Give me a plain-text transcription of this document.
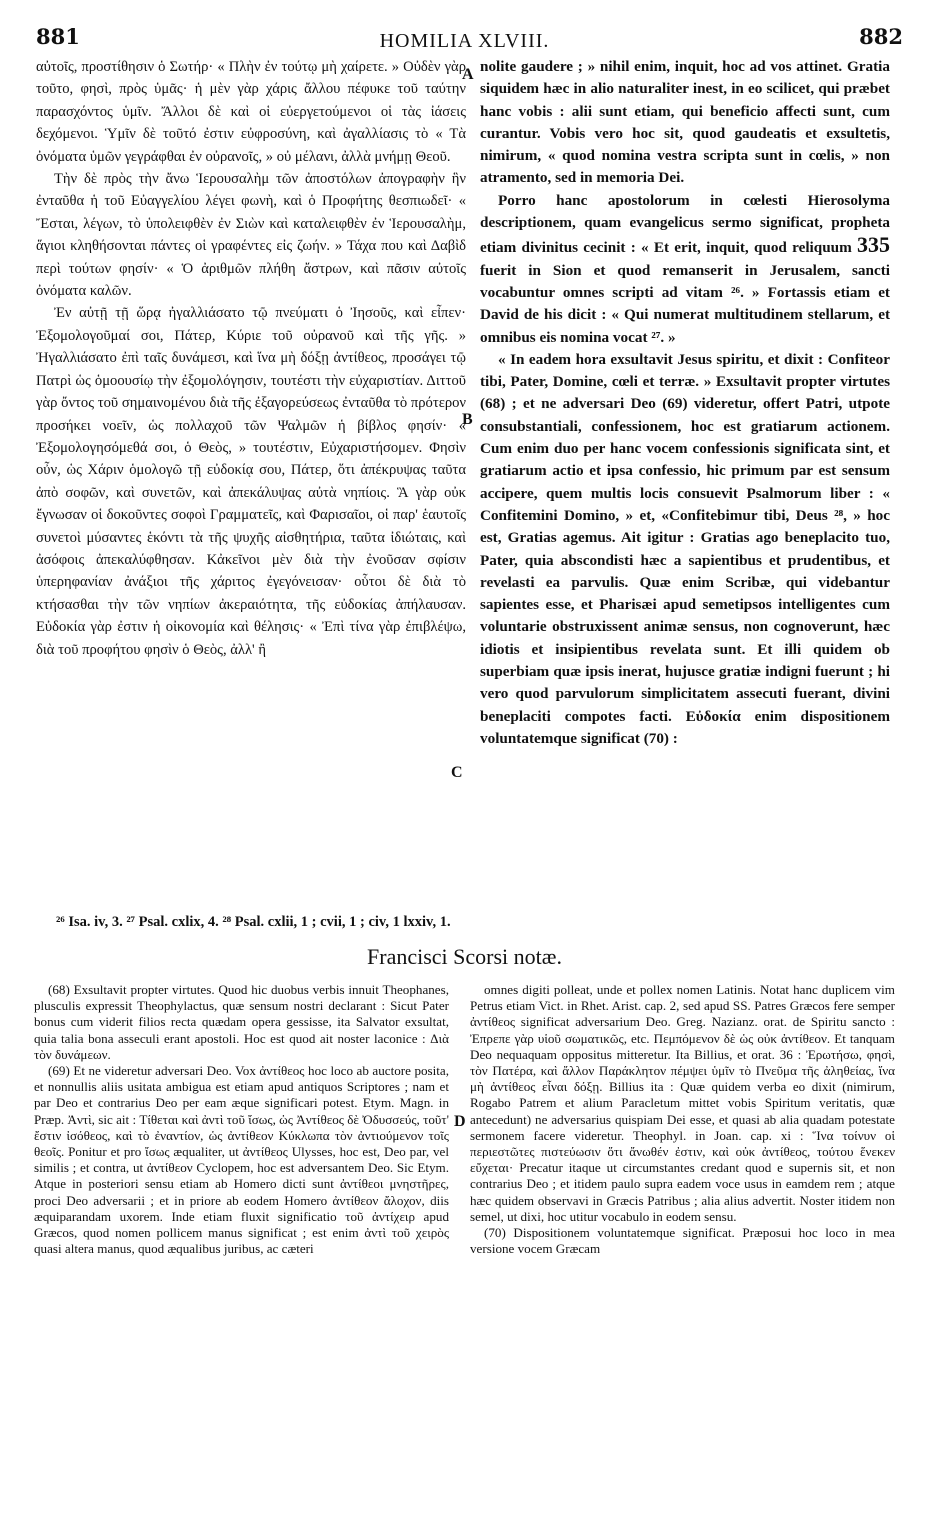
881	HOMILIA XLVIII.	882

αὐτοῖς, προστίθησιν ὁ Σωτήρ· « Πλὴν ἐν τούτῳ μὴ χαίρετε. » Οὐδὲν γὰρ τοῦτο, φησὶ, πρὸς ὑμᾶς· ἡ μὲν γὰρ χάρις ἄλλου πέφυκε τοῦ ταύτην παρασχόντος ὑμῖν. Ἄλλοι δὲ καὶ οἱ εὐεργετούμενοι οἱ τὰς ἰάσεις δεχόμενοι. Ὑμῖν δὲ τοῦτό ἐστιν εὐφροσύνη, καὶ ἀγαλλίασις τὸ « Τὰ ὀνόματα ὑμῶν γεγράφθαι ἐν οὐρανοῖς, » οὐ μέλανι, ἀλλὰ μνήμῃ Θεοῦ.

Τὴν δὲ πρὸς τὴν ἄνω Ἱερουσαλὴμ τῶν ἀποστόλων ἀπογραφὴν ἣν ἐνταῦθα ἡ τοῦ Εὐαγγελίου λέγει φωνὴ, καὶ ὁ Προφήτης θεσπιωδεῖ· « Ἔσται, λέγων, τὸ ὑπολειφθὲν ἐν Σιὼν καὶ καταλειφθὲν ἐν Ἱερουσαλὴμ, ἅγιοι κληθήσονται πάντες οἱ γραφέντες εἰς ζωήν. » Τάχα που καὶ Δαβὶδ περὶ τούτων φησίν· « Ὁ ἀριθμῶν πλήθη ἄστρων, καὶ πᾶσιν αὐτοῖς ὀνόματα καλῶν.

Ἐν αὐτῇ τῇ ὥρᾳ ἠγαλλιάσατο τῷ πνεύματι ὁ Ἰησοῦς, καὶ εἶπεν· Ἐξομολογοῦμαί σοι, Πάτερ, Κύριε τοῦ οὐρανοῦ καὶ τῆς γῆς. » Ἠγαλλιάσατο ἐπὶ ταῖς δυνάμεσι, καὶ ἵνα μὴ δόξῃ ἀντίθεος, προσάγει τῷ Πατρὶ ὡς ὁμοουσίῳ τὴν ἐξομολόγησιν, τουτέστι τὴν εὐχαριστίαν. Διττοῦ γὰρ ὄντος τοῦ σημαινομένου διὰ τῆς ἐξαγορεύσεως ἐνταῦθα τὸ πρότερον προσήκει νοεῖν, ὡς πολλαχοῦ τῶν Ψαλμῶν ἡ βίβλος φησίν· « Ἐξομολογησόμεθά σοι, ὁ Θεὸς, » τουτέστιν, Εὐχαριστήσομεν. Φησὶν οὖν, ὡς Χάριν ὁμολογῶ τῇ εὐδοκίᾳ σου, Πάτερ, ὅτι ἀπέκρυψας ταῦτα ἀπὸ σοφῶν, καὶ συνετῶν, καὶ ἀπεκάλυψας αὐτὰ νηπίοις. Ἃ γὰρ οὐκ ἔγνωσαν οἱ δοκοῦντες σοφοὶ Γραμματεῖς, καὶ Φαρισαῖοι, οἱ παρ' ἑαυτοῖς συνετοὶ μύσαντες ἑκόντι τὰ τῆς ψυχῆς αἰσθητήρια, ταῦτα ἰδιώταις, καὶ ἀσόφοις ἀπεκαλύφθησαν. Κἀκεῖνοι μὲν διὰ τὴν ἐνοῦσαν σφίσιν ὑπερηφανίαν ἀνάξιοι τῆς χάριτος ἐγεγόνεισαν· οὗτοι δὲ διὰ τὸ κτήσασθαι τὴν τῶν νηπίων ἀκεραιότητα, τῆς εὐδοκίας ἀπήλαυσαν. Εὐδοκία γὰρ ἐστιν ἡ οἰκονομία καὶ θέλησις· « Ἐπὶ τίνα γὰρ ἐπιβλέψω, διὰ τοῦ προφήτου φησὶν ὁ Θεὸς, ἀλλ' ἢ

A
B
C

nolite gaudere ; » nihil enim, inquit, hoc ad vos attinet. Gratia siquidem hæc in alio naturaliter inest, in eo scilicet, qui præbet hanc vobis : alii sunt etiam, qui beneficio affecti sunt, cum curantur. Vobis vero hoc sit, quod gaudeatis et exsultetis, nimirum, « quod nomina vestra scripta sunt in cœlis, » non atramento, sed in memoria Dei.

Porro hanc apostolorum in cœlesti Hierosolyma descriptionem, quam evangelicus sermo significat, propheta etiam divinitus cecinit : « Et erit, inquit, quod reliquum 335 fuerit in Sion et quod remanserit in Jerusalem, sancti vocabuntur omnes scripti ad vitam ²⁶. » Fortassis etiam et David de his dicit : « Qui numerat multitudinem stellarum, et omnibus eis nomina vocat ²⁷. »

« In eadem hora exsultavit Jesus spiritu, et dixit : Confiteor tibi, Pater, Domine, cœli et terræ. » Exsultavit propter virtutes (68) ; et ne adversari Deo (69) videretur, offert Patri, utpote consubstantiali, confessionem, hoc est gratiarum actionem. Cum enim duo per hanc vocem confessionis significata sint, et gratiarum actio et ipsa confessio, hic primum par est sensum accipere, quem multis locis consuevit Psalmorum liber : « Confitemini Domino, » et, «Confitebimur tibi, Deus ²⁸, » hoc est, Gratias agemus. Ait igitur : Gratias ago beneplacito tuo, Pater, quia abscondisti hæc a sapientibus et prudentibus, et revelasti ea parvulis. Quæ enim Scribæ, qui videbantur sapientes esse, et Pharisæi apud semetipsos intelligentes cum voluntarie obstruxissent animæ sensus, non cognoverunt, hæc idiotis et insipientibus revelata sunt. Et illi quidem ob superbiam quæ ipsis inerat, hujusce gratiæ indigni fuerunt ; hi vero quod parvulorum simplicitatem assecuti fuerant, divini beneplaciti compotes facti. Εὐδοκία enim dispositionem voluntatemque significat (70) :

²⁶ Isa. iv, 3. ²⁷ Psal. cxlix, 4. ²⁸ Psal. cxlii, 1 ; cvii, 1 ; civ, 1 lxxiv, 1.
Francisci Scorsi notæ.

(68) Exsultavit propter virtutes. Quod hic duobus verbis innuit Theophanes, plusculis expressit Theophylactus, quæ sensum nostri declarant : Sicut Pater bonus cum viderit filios recta quædam opera gessisse, ita Salvator exsultat, quia talia bona asseculi erant apostoli. Hoc est quod ait noster laconice : Διὰ τὸν δυνάμεων.

(69) Et ne videretur adversari Deo. Vox ἀντίθεος hoc loco ab auctore posita, et nonnullis aliis usitata ambigua est etiam apud antiquos Scriptores ; nam et par Deo et contrarius Deo per eam æque significari potest. Etym. Magn. in Præp. Ἀντὶ, sic ait : Τίθεται καὶ ἀντὶ τοῦ ἴσως, ὡς Ἀντίθεος δὲ Ὀδυσσεύς, τοῦτ' ἔστιν ἰσόθεος, καὶ τὸ ἐναντίον, ὡς ἀντίθεον Κύκλωπα τὸν ἀντιούμενον τοῖς θεοῖς. Ponitur et pro ἴσως æqualiter, ut ἀντίθεος Ulysses, hoc est, Deo par, vel similis ; et contra, ut ἀντίθεον Cyclopem, hoc est adversantem Deo. Sic Etym. Atque in posteriori sensu etiam ab Homero dicti sunt ἀντίθεοι μνηστῆρες, proci Deo adversarii ; et in priore ab eodem Homero ἀντίθεον ἄλοχον, diis æquiparandam uxorem. Inde etiam fluxit significatio τοῦ ἀντίχειρ apud Græcos, quod nomen pollicem manus significat ; est enim ἀντὶ τοῦ χειρὸς quasi altera manus, quod æqualibus juribus, ac cæteri

D

omnes digiti polleat, unde et pollex nomen Latinis. Notat hanc duplicem vim Petrus etiam Vict. in Rhet. Arist. cap. 2, sed apud SS. Patres Græcos fere semper ἀντίθεος significat adversarium Deo. Greg. Nazianz. orat. de Spiritu sancto : Ἐπρεπε γὰρ υἱοῦ σωματικῶς, etc. Πεμπόμενον δὲ ὡς οὐκ ἀντίθεον. Et tanquam Deo nequaquam oppositus mitteretur. Ita Billius, et orat. 36 : Ἐρωτήσω, φησὶ, τὸν Πατέρα, καὶ ἄλλον Παράκλητον πέμψει ὑμῖν τὸ Πνεῦμα τῆς ἀληθείας, ἵνα μὴ ἀντίθεος εἶναι δόξῃ. Billius ita : Quæ quidem verba eo dixit (nimirum, Rogabo Patrem et alium Paracletum mittet vobis Spiritum veritatis, quæ antecedunt) ne adversarius quispiam Dei esse, et quasi ab alia quadam potestate sermonem facere videretur. Theophyl. in Joan. cap. xi : Ἵνα τοίνυν οἱ περιεστῶτες πιστεύωσιν ὅτι ἄνωθέν ἐστιν, καὶ οὐκ ἀντίθεος, τούτου ἕνεκεν εὔχεται· Precatur itaque ut circumstantes credant quod e supernis sit, et non contrarius Deo ; et itidem paulo supra eadem voce usus in eamdem rem ; atque hæc quidem observavi in Græcis Patribus ; alia alius advertit. Noster itidem non semel, ut dixi, hoc utitur vocabulo in eodem sensu.

(70) Dispositionem voluntatemque significat. Præposui hoc loco in mea versione vocem Græcam
